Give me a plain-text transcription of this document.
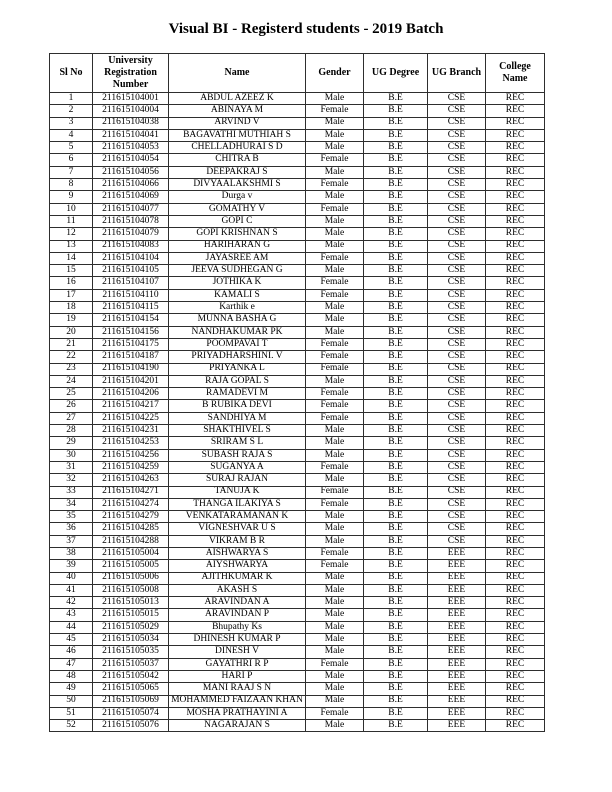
Visual BI - Registerd students - 2019 Batch
Sl No	University Registration Number	Name	Gender	UG Degree	UG Branch	College Name
1	211615104001	ABDUL AZEEZ K	Male	B.E	CSE	REC
2	211615104004	ABINAYA M	Female	B.E	CSE	REC
3	211615104038	ARVIND V	Male	B.E	CSE	REC
4	211615104041	BAGAVATHI MUTHIAH S	Male	B.E	CSE	REC
5	211615104053	CHELLADHURAI S D	Male	B.E	CSE	REC
6	211615104054	CHITRA B	Female	B.E	CSE	REC
7	211615104056	DEEPAKRAJ S	Male	B.E	CSE	REC
8	211615104066	DIVYAALAKSHMI S	Female	B.E	CSE	REC
9	211615104069	Durga v	Male	B.E	CSE	REC
10	211615104077	GOMATHY V	Female	B.E	CSE	REC
11	211615104078	GOPI C	Male	B.E	CSE	REC
12	211615104079	GOPI KRISHNAN S	Male	B.E	CSE	REC
13	211615104083	HARIHARAN G	Male	B.E	CSE	REC
14	211615104104	JAYASREE AM	Female	B.E	CSE	REC
15	211615104105	JEEVA SUDHEGAN G	Male	B.E	CSE	REC
16	211615104107	JOTHIKA K	Female	B.E	CSE	REC
17	211615104110	KAMALI S	Female	B.E	CSE	REC
18	211615104115	Karthik e	Male	B.E	CSE	REC
19	211615104154	MUNNA BASHA G	Male	B.E	CSE	REC
20	211615104156	NANDHAKUMAR PK	Male	B.E	CSE	REC
21	211615104175	POOMPAVAI T	Female	B.E	CSE	REC
22	211615104187	PRIYADHARSHINI. V	Female	B.E	CSE	REC
23	211615104190	PRIYANKA L	Female	B.E	CSE	REC
24	211615104201	RAJA GOPAL S	Male	B.E	CSE	REC
25	211615104206	RAMADEVI M	Female	B.E	CSE	REC
26	211615104217	B RUBIKA DEVI	Female	B.E	CSE	REC
27	211615104225	SANDHIYA M	Female	B.E	CSE	REC
28	211615104231	SHAKTHIVEL S	Male	B.E	CSE	REC
29	211615104253	SRIRAM S L	Male	B.E	CSE	REC
30	211615104256	SUBASH RAJA S	Male	B.E	CSE	REC
31	211615104259	SUGANYA A	Female	B.E	CSE	REC
32	211615104263	SURAJ RAJAN	Male	B.E	CSE	REC
33	211615104271	TANUJA K	Female	B.E	CSE	REC
34	211615104274	THANGA ILAKIYA S	Female	B.E	CSE	REC
35	211615104279	VENKATARAMANAN K	Male	B.E	CSE	REC
36	211615104285	VIGNESHVAR U S	Male	B.E	CSE	REC
37	211615104288	VIKRAM B R	Male	B.E	CSE	REC
38	211615105004	AISHWARYA S	Female	B.E	EEE	REC
39	211615105005	AIYSHWARYA	Female	B.E	EEE	REC
40	211615105006	AJITHKUMAR K	Male	B.E	EEE	REC
41	211615105008	AKASH S	Male	B.E	EEE	REC
42	211615105013	ARAVINDAN A	Male	B.E	EEE	REC
43	211615105015	ARAVINDAN P	Male	B.E	EEE	REC
44	211615105029	Bhupathy Ks	Male	B.E	EEE	REC
45	211615105034	DHINESH KUMAR P	Male	B.E	EEE	REC
46	211615105035	DINESH V	Male	B.E	EEE	REC
47	211615105037	GAYATHRI R P	Female	B.E	EEE	REC
48	211615105042	HARI P	Male	B.E	EEE	REC
49	211615105065	MANI RAAJ S N	Male	B.E	EEE	REC
50	211615105069	MOHAMMED FAIZAAN KHAN	Male	B.E	EEE	REC
51	211615105074	MOSHA PRATHAYINI A	Female	B.E	EEE	REC
52	211615105076	NAGARAJAN S	Male	B.E	EEE	REC
